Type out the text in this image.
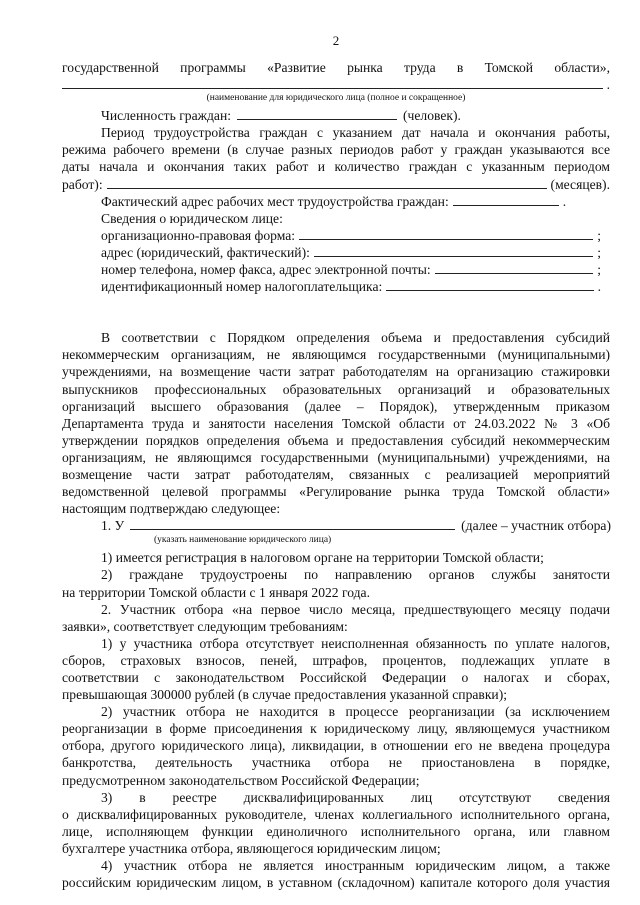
2

государственной программы «Развитие рынка труда в Томской области»,

.

(наименование для юридического лица (полное и сокращенное)

Численность граждан:	(человек).

Период трудоустройства граждан с указанием дат начала и окончания работы,

режима рабочего времени (в случае разных периодов работ у граждан указываются все

даты начала и окончания таких работ и количество граждан с указанным периодом

работ):	(месяцев).
Фактический адрес рабочих мест трудоустройства граждан:	.

Сведения о юридическом лице:

организационно-правовая форма:	;
адрес (юридический, фактический):	;
номер телефона, номер факса, адрес электронной почты:	;
идентификационный номер налогоплательщика:	.

В соответствии с Порядком определения объема и предоставления субсидий

некоммерческим организациям, не являющимся государственными (муниципальными)

учреждениями, на возмещение части затрат работодателям на организацию стажировки

выпускников профессиональных образовательных организаций и образовательных

организаций высшего образования (далее – Порядок), утвержденным приказом

Департамента труда и занятости населения Томской области от 24.03.2022 № 3 «Об

утверждении порядков определения объема и предоставления субсидий некоммерческим

организациям, не являющимся государственными (муниципальными) учреждениями, на

возмещение части затрат работодателям, связанных с реализацией мероприятий

ведомственной целевой программы «Регулирование рынка труда Томской области»

настоящим подтверждаю следующее:

1. У	(далее – участник отбора)

(указать наименование юридического лица)

1) имеется регистрация в налоговом органе на территории Томской области;

2) граждане трудоустроены по направлению органов службы занятости

на территории Томской области с 1 января 2022 года.

2. Участник отбора «на первое число месяца, предшествующего месяцу подачи

заявки», соответствует следующим требованиям:

1) у участника отбора отсутствует неисполненная обязанность по уплате налогов,

сборов, страховых взносов, пеней, штрафов, процентов, подлежащих уплате в

соответствии с законодательством Российской Федерации о налогах и сборах,

превышающая 300000 рублей (в случае предоставления указанной справки);

2) участник отбора не находится в процессе реорганизации (за исключением

реорганизации в форме присоединения к юридическому лицу, являющемуся участником

отбора, другого юридического лица), ликвидации, в отношении его не введена процедура

банкротства, деятельность участника отбора не приостановлена в порядке,

предусмотренном законодательством Российской Федерации;

3) в реестре дисквалифицированных лиц отсутствуют сведения

о дисквалифицированных руководителе, членах коллегиального исполнительного органа,

лице, исполняющем функции единоличного исполнительного органа, или главном

бухгалтере участника отбора, являющегося юридическим лицом;

4) участник отбора не является иностранным юридическим лицом, а также

российским юридическим лицом, в уставном (складочном) капитале которого доля участия
